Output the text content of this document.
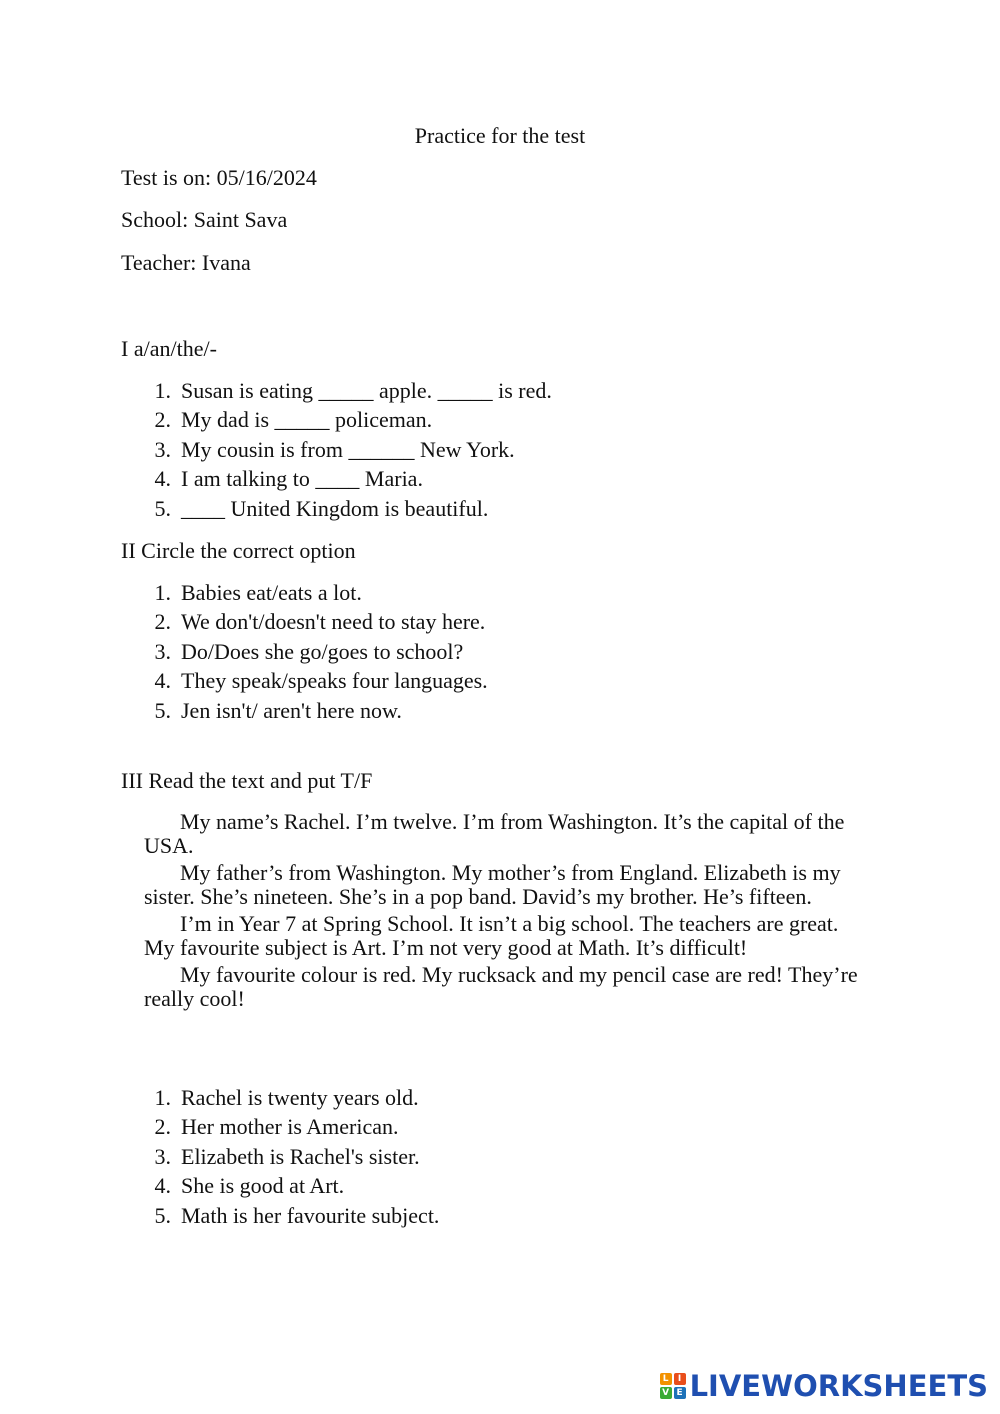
Practice for the test
Test is on: 05/16/2024
School: Saint Sava
Teacher: Ivana
I a/an/the/-
1. Susan is eating _____ apple. _____ is red.
2. My dad is _____ policeman.
3. My cousin is from ______ New York.
4. I am talking to ____ Maria.
5. ____ United Kingdom is beautiful.
II Circle the correct option
1. Babies eat/eats a lot.
2. We don't/doesn't need to stay here.
3. Do/Does she go/goes to school?
4. They speak/speaks four languages.
5. Jen isn't/ aren't here now.
III Read the text and put T/F

My name’s Rachel. I’m twelve. I’m from Washington. It’s the capital of the USA.

My father’s from Washington. My mother’s from England. Elizabeth is my sister. She’s nineteen. She’s in a pop band. David’s my brother. He’s fifteen.

I’m in Year 7 at Spring School. It isn’t a big school. The teachers are great. My favourite subject is Art. I’m not very good at Math. It’s difficult!

My favourite colour is red. My rucksack and my pencil case are red! They’re really cool!

1. Rachel is twenty years old.
2. Her mother is American.
3. Elizabeth is Rachel's sister.
4. She is good at Art.
5. Math is her favourite subject.
L	I
V E LIVEWORKSHEETS
